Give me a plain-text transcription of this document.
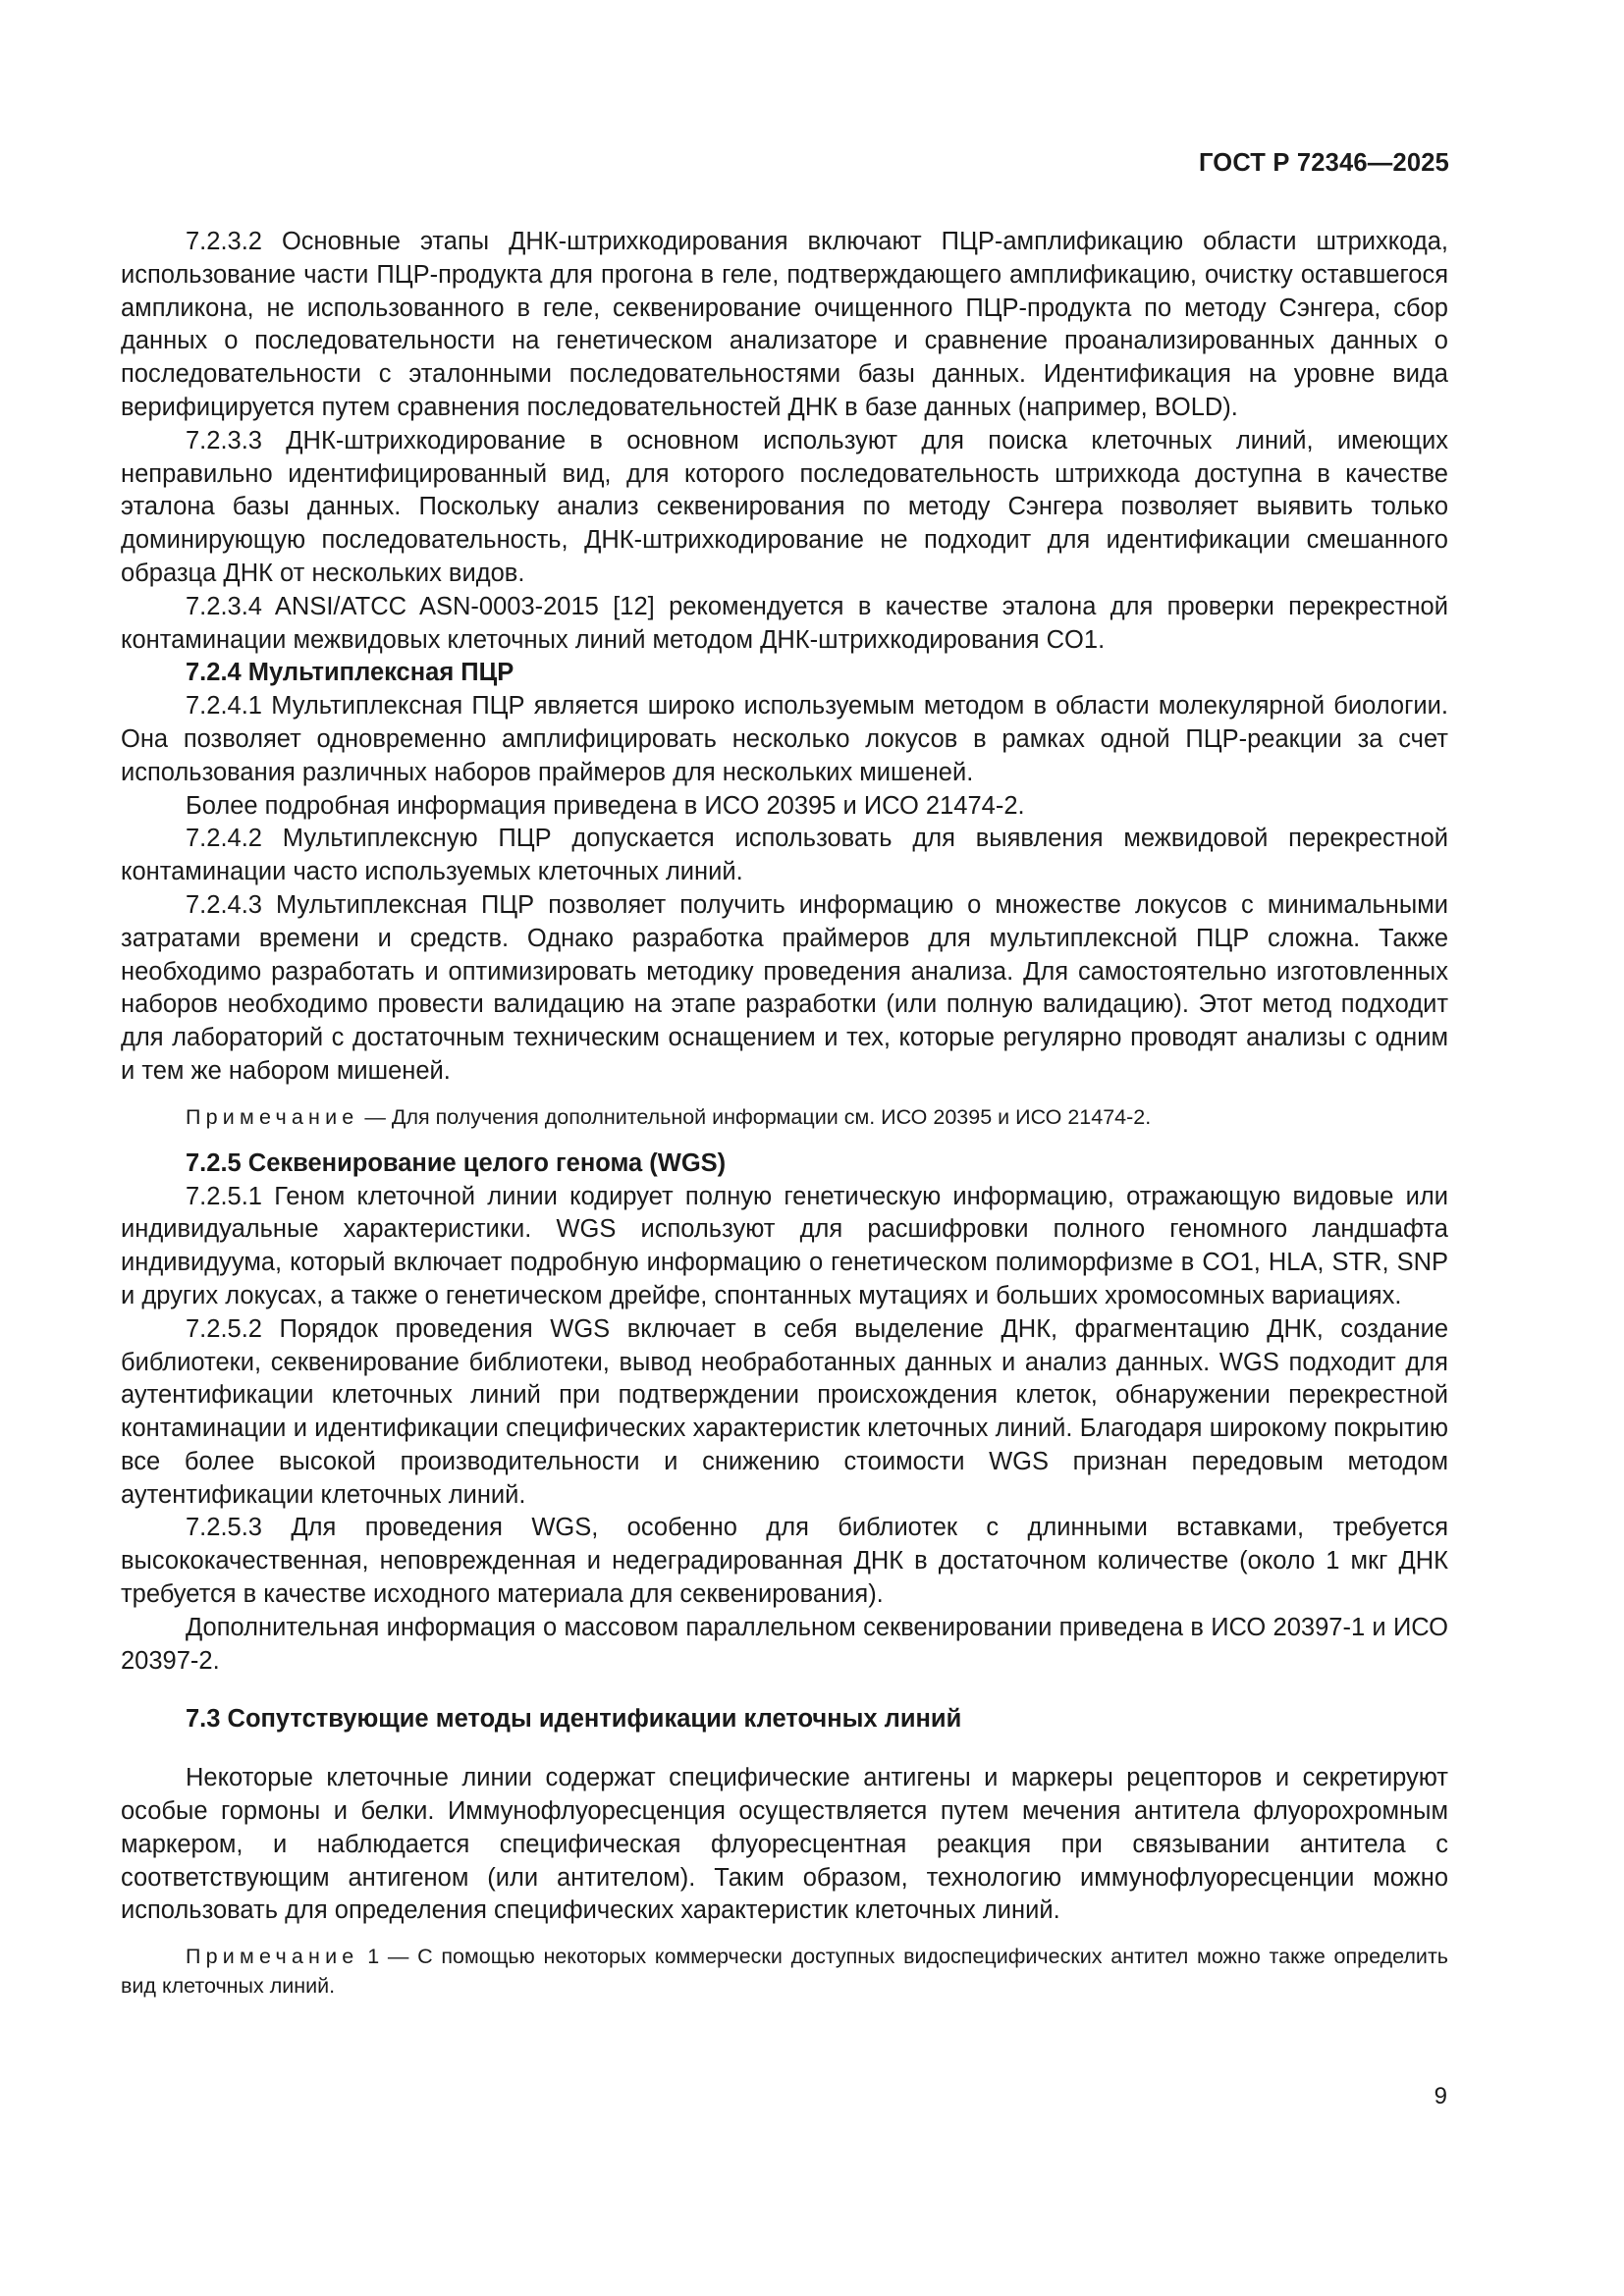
ГОСТ Р 72346—2025

7.2.3.2 Основные этапы ДНК-штрихкодирования включают ПЦР-амплификацию области штрихкода, использование части ПЦР-продукта для прогона в геле, подтверждающего амплификацию, очистку оставшегося ампликона, не использованного в геле, секвенирование очищенного ПЦР-продукта по методу Сэнгера, сбор данных о последовательности на генетическом анализаторе и сравнение проанализированных данных о последовательности с эталонными последовательностями базы данных. Идентификация на уровне вида верифицируется путем сравнения последовательностей ДНК в базе данных (например, BOLD).

7.2.3.3 ДНК-штрихкодирование в основном используют для поиска клеточных линий, имеющих неправильно идентифицированный вид, для которого последовательность штрихкода доступна в качестве эталона базы данных. Поскольку анализ секвенирования по методу Сэнгера позволяет выявить только доминирующую последовательность, ДНК-штрихкодирование не подходит для идентификации смешанного образца ДНК от нескольких видов.

7.2.3.4 ANSI/ATCC ASN-0003-2015 [12] рекомендуется в качестве эталона для проверки перекрестной контаминации межвидовых клеточных линий методом ДНК-штрихкодирования CO1.

7.2.4 Мультиплексная ПЦР

7.2.4.1 Мультиплексная ПЦР является широко используемым методом в области молекулярной биологии. Она позволяет одновременно амплифицировать несколько локусов в рамках одной ПЦР-реакции за счет использования различных наборов праймеров для нескольких мишеней.

Более подробная информация приведена в ИСО 20395 и ИСО 21474-2.

7.2.4.2 Мультиплексную ПЦР допускается использовать для выявления межвидовой перекрестной контаминации часто используемых клеточных линий.

7.2.4.3 Мультиплексная ПЦР позволяет получить информацию о множестве локусов с минимальными затратами времени и средств. Однако разработка праймеров для мультиплексной ПЦР сложна. Также необходимо разработать и оптимизировать методику проведения анализа. Для самостоятельно изготовленных наборов необходимо провести валидацию на этапе разработки (или полную валидацию). Этот метод подходит для лабораторий с достаточным техническим оснащением и тех, которые регулярно проводят анализы с одним и тем же набором мишеней.

Примечание — Для получения дополнительной информации см. ИСО 20395 и ИСО 21474-2.
7.2.5 Секвенирование целого генома (WGS)

7.2.5.1 Геном клеточной линии кодирует полную генетическую информацию, отражающую видовые или индивидуальные характеристики. WGS используют для расшифровки полного геномного ландшафта индивидуума, который включает подробную информацию о генетическом полиморфизме в CO1, HLA, STR, SNP и других локусах, а также о генетическом дрейфе, спонтанных мутациях и больших хромосомных вариациях.

7.2.5.2 Порядок проведения WGS включает в себя выделение ДНК, фрагментацию ДНК, создание библиотеки, секвенирование библиотеки, вывод необработанных данных и анализ данных. WGS подходит для аутентификации клеточных линий при подтверждении происхождения клеток, обнаружении перекрестной контаминации и идентификации специфических характеристик клеточных линий. Благодаря широкому покрытию все более высокой производительности и снижению стоимости WGS признан передовым методом аутентификации клеточных линий.

7.2.5.3 Для проведения WGS, особенно для библиотек с длинными вставками, требуется высококачественная, неповрежденная и недеградированная ДНК в достаточном количестве (около 1 мкг ДНК требуется в качестве исходного материала для секвенирования).

Дополнительная информация о массовом параллельном секвенировании приведена в ИСО 20397-1 и ИСО 20397-2.

7.3 Сопутствующие методы идентификации клеточных линий

Некоторые клеточные линии содержат специфические антигены и маркеры рецепторов и секретируют особые гормоны и белки. Иммунофлуоресценция осуществляется путем мечения антитела флуорохромным маркером, и наблюдается специфическая флуоресцентная реакция при связывании антитела с соответствующим антигеном (или антителом). Таким образом, технологию иммунофлуоресценции можно использовать для определения специфических характеристик клеточных линий.

Примечание 1 — С помощью некоторых коммерчески доступных видоспецифических антител можно также определить вид клеточных линий.
9
